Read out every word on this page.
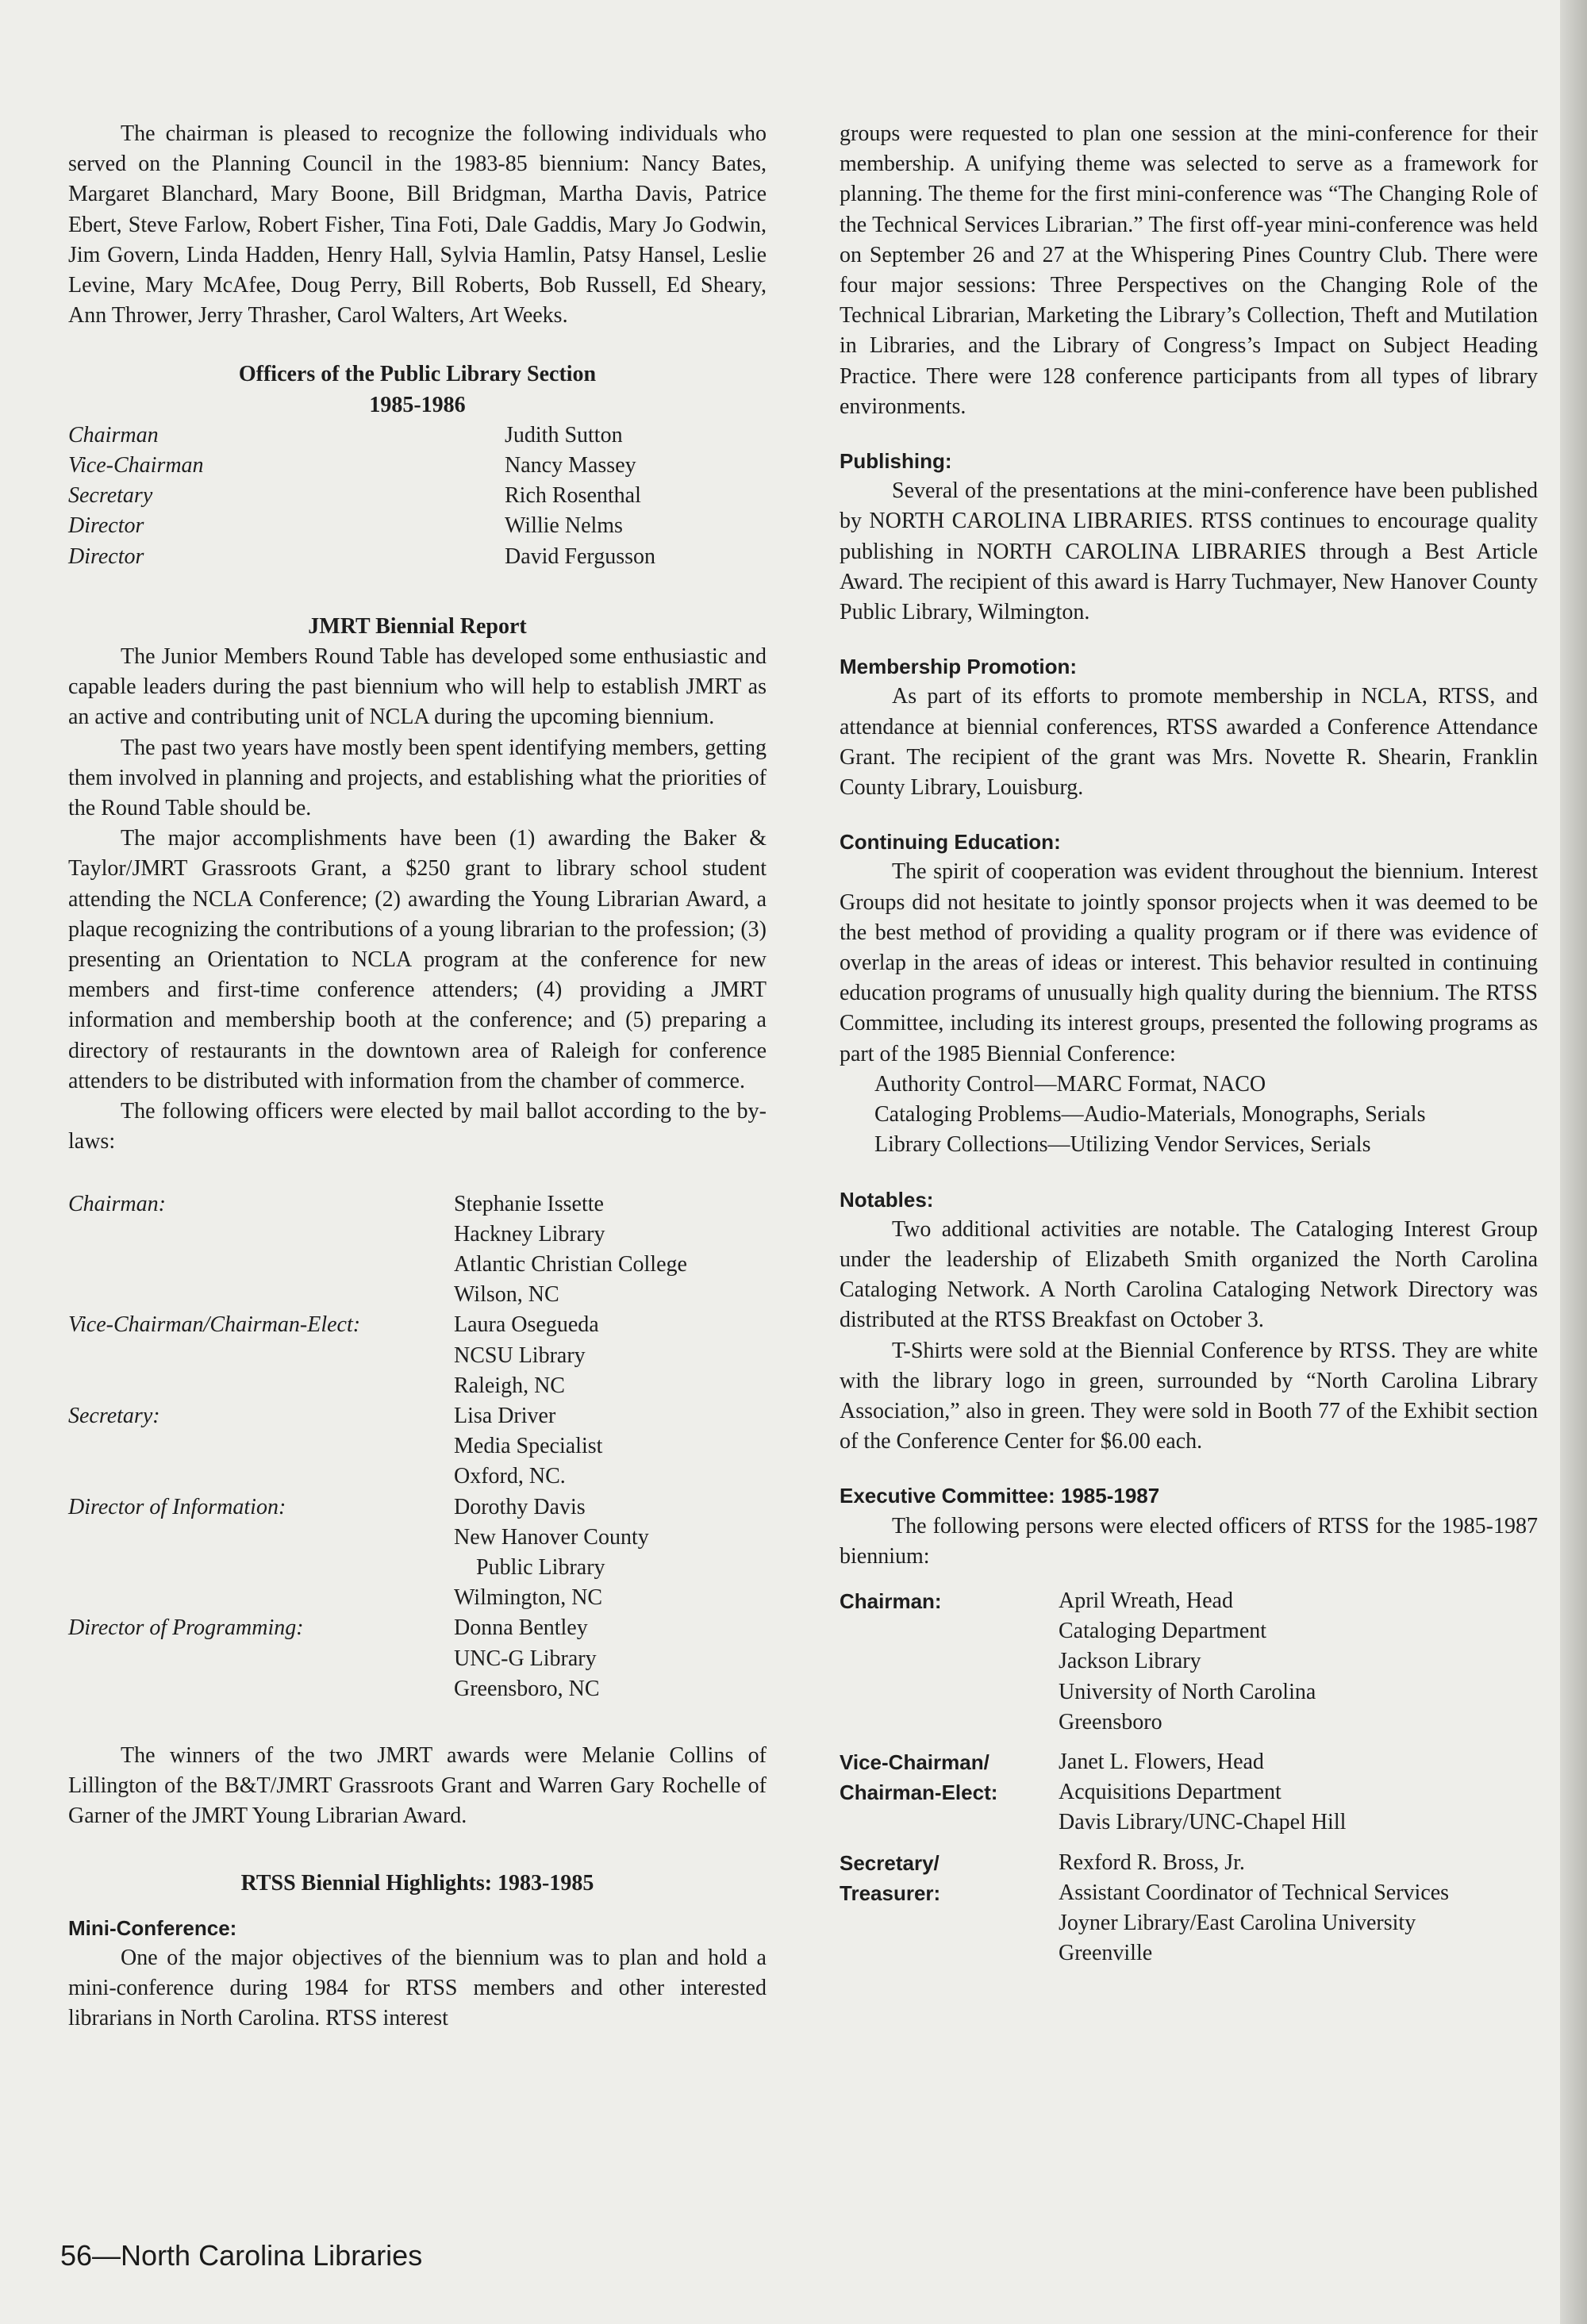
The chairman is pleased to recognize the following individuals who served on the Planning Council in the 1983-85 biennium: Nancy Bates, Margaret Blanchard, Mary Boone, Bill Bridgman, Martha Davis, Patrice Ebert, Steve Farlow, Robert Fisher, Tina Foti, Dale Gaddis, Mary Jo Godwin, Jim Govern, Linda Hadden, Henry Hall, Sylvia Hamlin, Patsy Hansel, Leslie Levine, Mary McAfee, Doug Perry, Bill Roberts, Bob Russell, Ed Sheary, Ann Thrower, Jerry Thrasher, Carol Walters, Art Weeks.

Officers of the Public Library Section

1985-1986

Chairman	Judith Sutton
Vice-Chairman	Nancy Massey
Secretary	Rich Rosenthal
Director	Willie Nelms
Director	David Fergusson

JMRT Biennial Report

The Junior Members Round Table has developed some enthusiastic and capable leaders during the past biennium who will help to establish JMRT as an active and contributing unit of NCLA during the upcoming biennium.

The past two years have mostly been spent identifying members, getting them involved in planning and projects, and establishing what the priorities of the Round Table should be.

The major accomplishments have been (1) awarding the Baker & Taylor/JMRT Grassroots Grant, a $250 grant to library school student attending the NCLA Conference; (2) awarding the Young Librarian Award, a plaque recognizing the contributions of a young librarian to the profession; (3) presenting an Orientation to NCLA program at the conference for new members and first-time conference attenders; (4) providing a JMRT information and membership booth at the conference; and (5) preparing a directory of restaurants in the downtown area of Raleigh for conference attenders to be distributed with information from the chamber of commerce.

The following officers were elected by mail ballot according to the by-laws:

Chairman:	Stephanie Issette
Hackney Library
Atlantic Christian College
Wilson, NC
Vice-Chairman/Chairman-Elect:	Laura Osegueda
NCSU Library
Raleigh, NC
Secretary:	Lisa Driver
Media Specialist
Oxford, NC.
Director of Information:	Dorothy Davis
New Hanover County
Public Library
Wilmington, NC
Director of Programming:	Donna Bentley
UNC-G Library
Greensboro, NC

The winners of the two JMRT awards were Melanie Collins of Lillington of the B&T/JMRT Grassroots Grant and Warren Gary Rochelle of Garner of the JMRT Young Librarian Award.

RTSS Biennial Highlights: 1983-1985

Mini-Conference:

One of the major objectives of the biennium was to plan and hold a mini-conference during 1984 for RTSS members and other interested librarians in North Carolina. RTSS interest

groups were requested to plan one session at the mini-conference for their membership. A unifying theme was selected to serve as a framework for planning. The theme for the first mini-conference was “The Changing Role of the Technical Services Librarian.” The first off-year mini-conference was held on September 26 and 27 at the Whispering Pines Country Club. There were four major sessions: Three Perspectives on the Changing Role of the Technical Librarian, Marketing the Library’s Collection, Theft and Mutilation in Libraries, and the Library of Congress’s Impact on Subject Heading Practice. There were 128 conference participants from all types of library environments.

Publishing:

Several of the presentations at the mini-conference have been published by NORTH CAROLINA LIBRARIES. RTSS continues to encourage quality publishing in NORTH CAROLINA LIBRARIES through a Best Article Award. The recipient of this award is Harry Tuchmayer, New Hanover County Public Library, Wilmington.

Membership Promotion:

As part of its efforts to promote membership in NCLA, RTSS, and attendance at biennial conferences, RTSS awarded a Conference Attendance Grant. The recipient of the grant was Mrs. Novette R. Shearin, Franklin County Library, Louisburg.

Continuing Education:

The spirit of cooperation was evident throughout the biennium. Interest Groups did not hesitate to jointly sponsor projects when it was deemed to be the best method of providing a quality program or if there was evidence of overlap in the areas of ideas or interest. This behavior resulted in continuing education programs of unusually high quality during the biennium. The RTSS Committee, including its interest groups, presented the following programs as part of the 1985 Biennial Conference:

Authority Control—MARC Format, NACO
Cataloging Problems—Audio-Materials, Monographs, Serials
Library Collections—Utilizing Vendor Services, Serials

Notables:

Two additional activities are notable. The Cataloging Interest Group under the leadership of Elizabeth Smith organized the North Carolina Cataloging Network. A North Carolina Cataloging Network Directory was distributed at the RTSS Breakfast on October 3.

T-Shirts were sold at the Biennial Conference by RTSS. They are white with the library logo in green, surrounded by “North Carolina Library Association,” also in green. They were sold in Booth 77 of the Exhibit section of the Conference Center for $6.00 each.

Executive Committee: 1985-1987

The following persons were elected officers of RTSS for the 1985-1987 biennium:

Chairman:	April Wreath, Head
Cataloging Department
Jackson Library
University of North Carolina
Greensboro
Vice-Chairman/ Chairman-Elect:
Janet L. Flowers, Head
Acquisitions Department
Davis Library/UNC-Chapel Hill
Secretary/ Treasurer:
Rexford R. Bross, Jr.
Assistant Coordinator of Technical Services
Joyner Library/East Carolina University
Greenville
56—North Carolina Libraries
